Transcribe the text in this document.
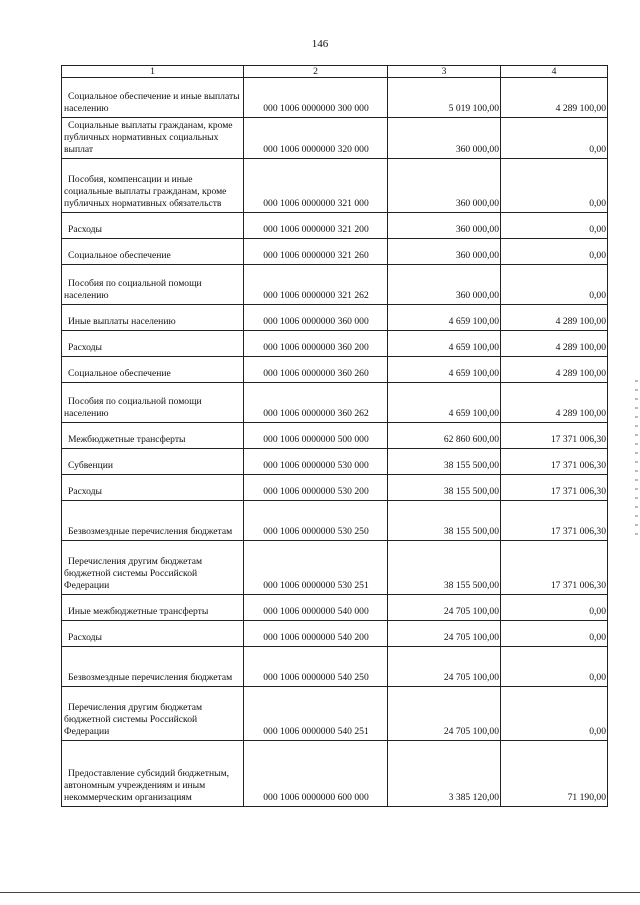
146
1	2	3	4
Социальное обеспечение и иные выплаты населению	000 1006 0000000 300 000	5 019 100,00	4 289 100,00
Социальные выплаты гражданам, кроме публичных нормативных социальных выплат	000 1006 0000000 320 000	360 000,00	0,00
Пособия, компенсации и иные социальные выплаты гражданам, кроме публичных нормативных обязательств	000 1006 0000000 321 000	360 000,00	0,00
Расходы	000 1006 0000000 321 200	360 000,00	0,00
Социальное обеспечение	000 1006 0000000 321 260	360 000,00	0,00
Пособия по социальной помощи населению	000 1006 0000000 321 262	360 000,00	0,00
Иные выплаты населению	000 1006 0000000 360 000	4 659 100,00	4 289 100,00
Расходы	000 1006 0000000 360 200	4 659 100,00	4 289 100,00
Социальное обеспечение	000 1006 0000000 360 260	4 659 100,00	4 289 100,00
Пособия по социальной помощи населению	000 1006 0000000 360 262	4 659 100,00	4 289 100,00
Межбюджетные трансферты	000 1006 0000000 500 000	62 860 600,00	17 371 006,30
Субвенции	000 1006 0000000 530 000	38 155 500,00	17 371 006,30
Расходы	000 1006 0000000 530 200	38 155 500,00	17 371 006,30
Безвозмездные перечисления бюджетам	000 1006 0000000 530 250	38 155 500,00	17 371 006,30
Перечисления другим бюджетам бюджетной системы Российской Федерации	000 1006 0000000 530 251	38 155 500,00	17 371 006,30
Иные межбюджетные трансферты	000 1006 0000000 540 000	24 705 100,00	0,00
Расходы	000 1006 0000000 540 200	24 705 100,00	0,00
Безвозмездные перечисления бюджетам	000 1006 0000000 540 250	24 705 100,00	0,00
Перечисления другим бюджетам бюджетной системы Российской Федерации	000 1006 0000000 540 251	24 705 100,00	0,00
Предоставление субсидий бюджетным, автономным учреждениям и иным некоммерческим организациям	000 1006 0000000 600 000	3 385 120,00	71 190,00
